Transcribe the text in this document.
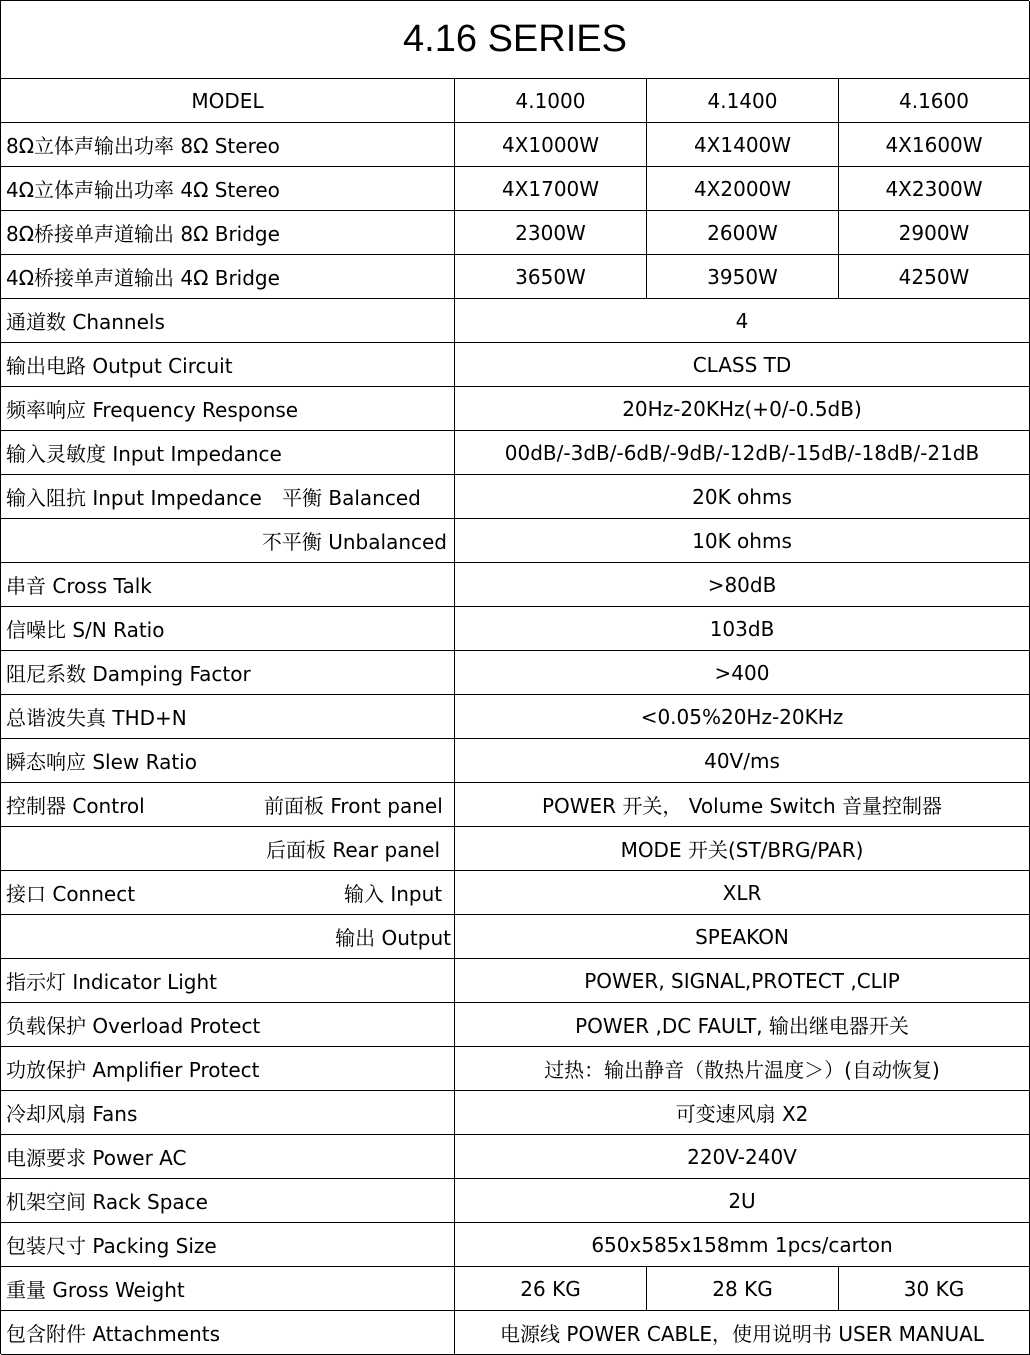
4.16 SERIES
MODEL	4.1000	4.1400	4.1600
8Ω立体声输出功率 8Ω Stereo	4X1000W	4X1400W	4X1600W
4Ω立体声输出功率 4Ω Stereo	4X1700W	4X2000W	4X2300W
8Ω桥接单声道输出 8Ω Bridge	2300W	2600W	2900W
4Ω桥接单声道输出 4Ω Bridge	3650W	3950W	4250W
通道数 Channels	4
输出电路 Output Circuit	CLASS TD
频率响应 Frequency Response	20Hz-20KHz(+0/-0.5dB)
输入灵敏度 Input Impedance	00dB/-3dB/-6dB/-9dB/-12dB/-15dB/-18dB/-21dB
输入阻抗 Input Impedance 平衡 Balanced	20K ohms
不平衡 Unbalanced	10K ohms
串音 Cross Talk	>80dB
信噪比 S/N Ratio	103dB
阻尼系数 Damping Factor	>400
总谐波失真 THD+N	<0.05%20Hz-20KHz
瞬态响应 Slew Ratio	40V/ms
控制器 Control	前面板 Front panel	POWER 开关， Volume Switch 音量控制器
后面板 Rear panel	MODE 开关(ST/BRG/PAR)
接口 Connect	输入 Input	XLR
输出 Output	SPEAKON
指示灯 Indicator Light	POWER, SIGNAL,PROTECT ,CLIP
负载保护 Overload Protect	POWER ,DC FAULT, 输出继电器开关
功放保护 Amplifier Protect	过热：输出静音（散热片温度＞）(自动恢复)
冷却风扇 Fans	可变速风扇 X2
电源要求 Power AC	220V-240V
机架空间 Rack Space	2U
包装尺寸 Packing Size	650x585x158mm 1pcs/carton
重量 Gross Weight	26 KG	28 KG	30 KG
包含附件 Attachments	电源线 POWER CABLE，使用说明书 USER MANUAL
